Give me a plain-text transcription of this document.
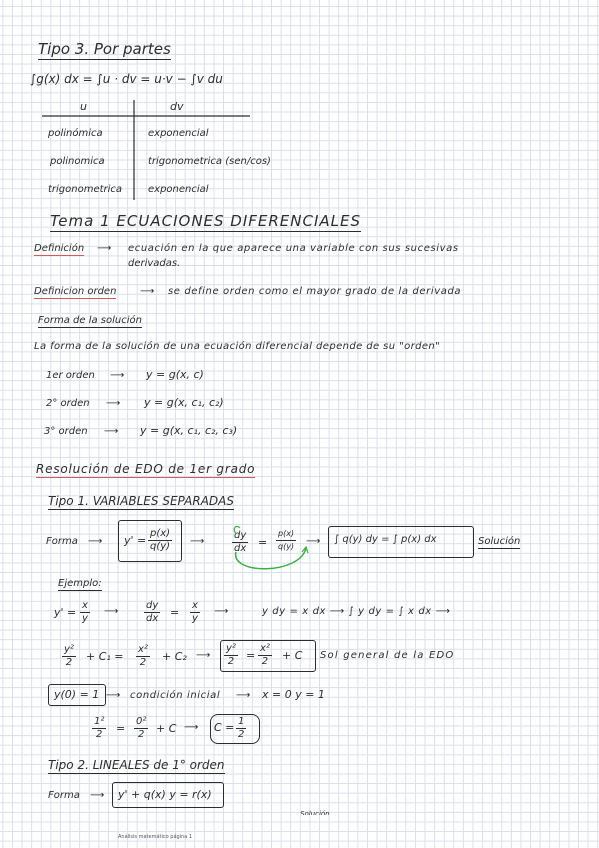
Tipo 3. Por partes
∫g(x) dx = ∫u · dv = u·v − ∫v du
u	dv
polinómica	exponencial
polinomica	trigonometrica (sen/cos)
trigonometrica	exponencial
Tema 1 ECUACIONES DIFERENCIALES
Definición ⟶ ecuación en la que aparece una variable con sus sucesivas
derivadas.
Definicion orden ⟶ se define orden como el mayor grado de la derivada
Forma de la solución
La forma de la solución de una ecuación diferencial depende de su "orden"
1er orden ⟶ y = g(x, c)
2° orden ⟶ y = g(x, c₁, c₂)
3° orden ⟶ y = g(x, c₁, c₂, c₃)
Resolución de EDO de 1er grado
Tipo 1. VARIABLES SEPARADAS
Forma ⟶ $y' = \frac{p(x)}{q(y)}$ ⟶	$\frac{dy}{dx} = \frac{p(x)}{q(y)}$ ⟶ ∫ q(y) dy = ∫ p(x) dx	Solución
Ejemplo:
$y' = \frac{x}{y}$ ⟶	$\frac{dy}{dx} = \frac{x}{y}$ ⟶	y dy = x dx ⟶ ∫ y dy = ∫ x dx ⟶
$\frac{\text{y²}}{2} + C_1 = \frac{\text{x²}}{2} + C_2$ ⟶ $\frac{\text{y²}}{2} = \frac{\text{x²}}{2} + C$ Sol general de la EDO
y(0) = 1 ⟶ condición inicial ⟶ x = 0 y = 1
$\frac{\text{1²}}{2} = \frac{\text{0²}}{2} + C$ ⟶ $C = \frac{1}{2}$
Tipo 2. LINEALES de 1° orden
Forma ⟶ y' + q(x) y = r(x)
Solución
Análisis matemático página 1
